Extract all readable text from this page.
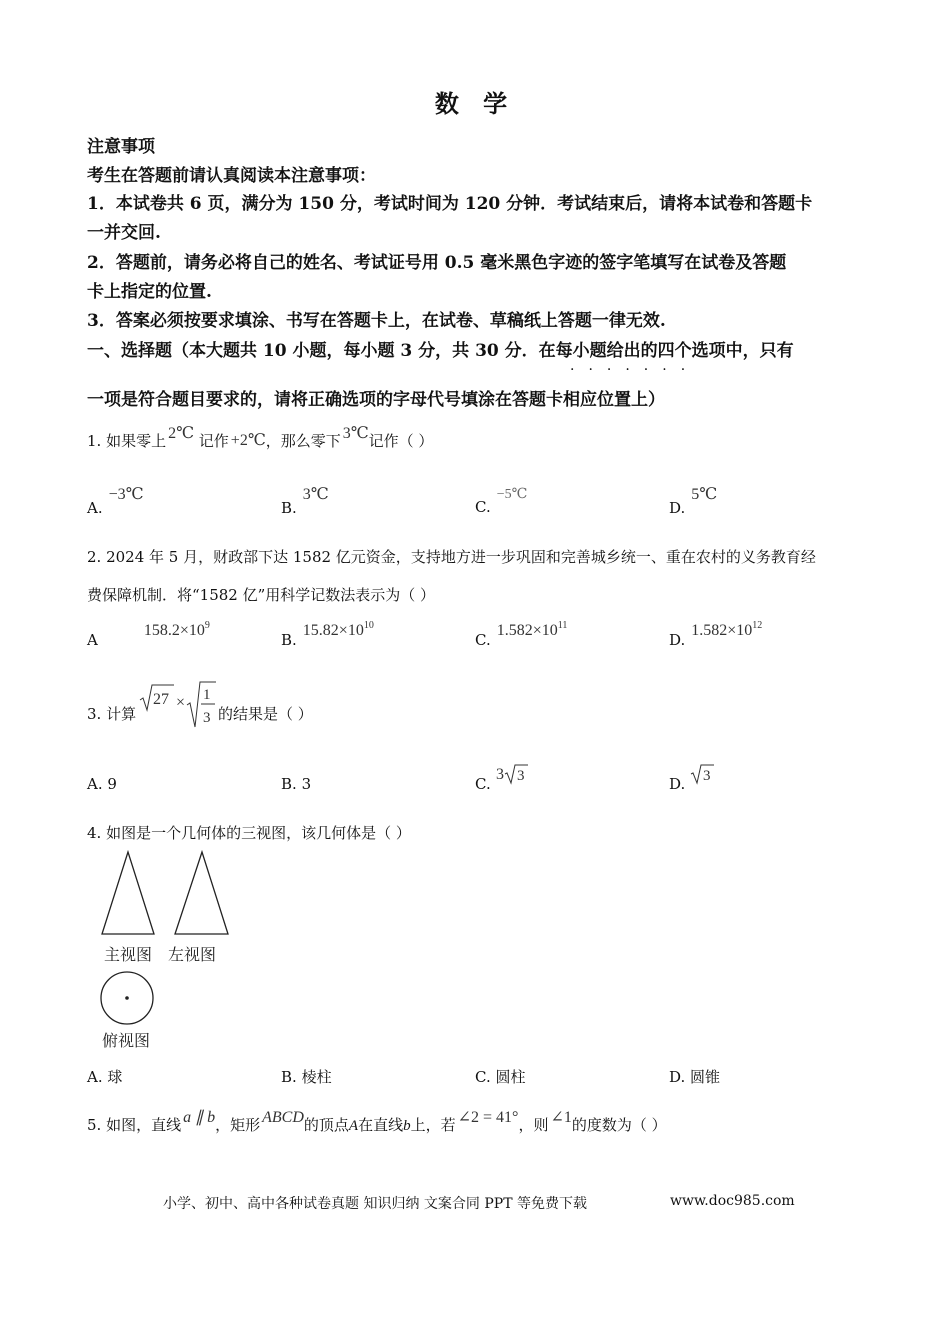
数 学
注意事项
考生在答题前请认真阅读本注意事项：
1．本试卷共 6 页，满分为 150 分，考试时间为 120 分钟．考试结束后，请将本试卷和答题卡
一并交回.
2．答题前，请务必将自己的姓名、考试证号用 0.5 毫米黑色字迹的签字笔填写在试卷及答题
卡上指定的位置.
3．答案必须按要求填涂、书写在答题卡上，在试卷、草稿纸上答题一律无效.
一、选择题（本大题共 10 小题，每小题 3 分，共 30 分．在每小题给出的四个选项中，只有
·······
一项是符合题目要求的，请将正确选项的字母代号填涂在答题卡相应位置上）
1. 如果零上 2℃ 记作 +2℃，那么零下 3℃记作（ ）
A.−3℃
B.3℃
C.−5℃
D.5℃
2. 2024 年 5 月，财政部下达 1582 亿元资金，支持地方进一步巩固和完善城乡统一、重在农村的义务教育经
费保障机制．将“1582 亿”用科学记数法表示为（ ）
$A158.2\times 10^9$
$B.15.82\times 10^{10}$
$C.1.582\times 10^{11}$
$D.1.582\times 10^{12}$
3. 计算
27 × 1
3 的结果是（ ）
A. 9	B. 3	C.
3 3	D. 3
4. 如图是一个几何体的三视图，该几何体是（ ）
主视图 左视图
俯视图
A. 球	B. 棱柱	C. 圆柱	D. 圆锥
5. 如图，直线 a ∥ b，矩形 ABCD的顶点A在直线b上，若 ∠2 = 41°，则 ∠1的度数为（ ）
小学、初中、高中各种试卷真题 知识归纳 文案合同 PPT 等免费下载	www.doc985.com
